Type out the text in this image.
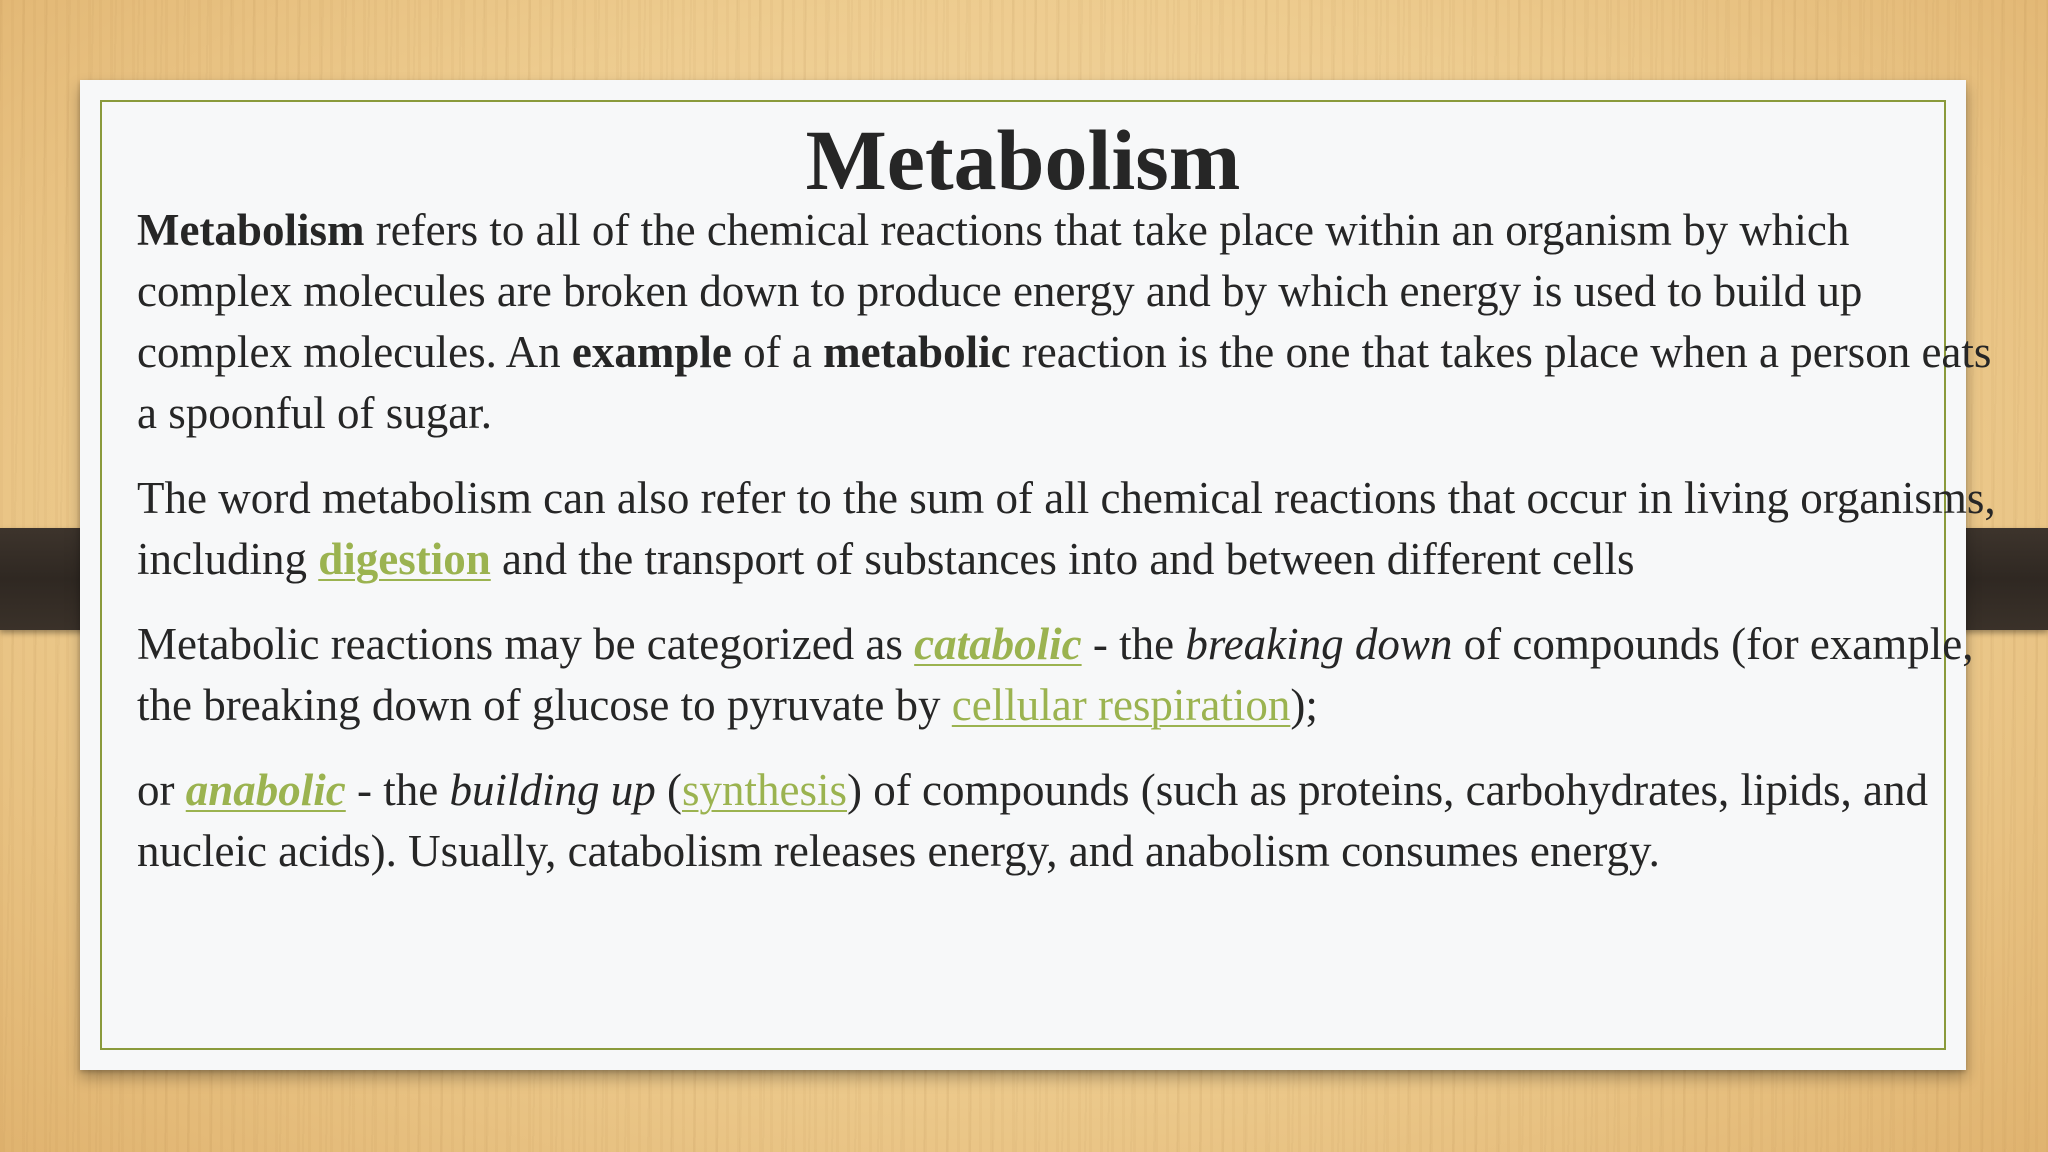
Metabolism

Metabolism refers to all of the chemical reactions that take place within an organism by which complex molecules are broken down to produce energy and by which energy is used to build up complex molecules. An example of a metabolic reaction is the one that takes place when a person eats a spoonful of sugar.

The word metabolism can also refer to the sum of all chemical reactions that occur in living organisms, including digestion and the transport of substances into and between different cells

Metabolic reactions may be categorized as catabolic - the breaking down of compounds (for example, the breaking down of glucose to pyruvate by cellular respiration);

or anabolic - the building up (synthesis) of compounds (such as proteins, carbohydrates, lipids, and nucleic acids). Usually, catabolism releases energy, and anabolism consumes energy.
